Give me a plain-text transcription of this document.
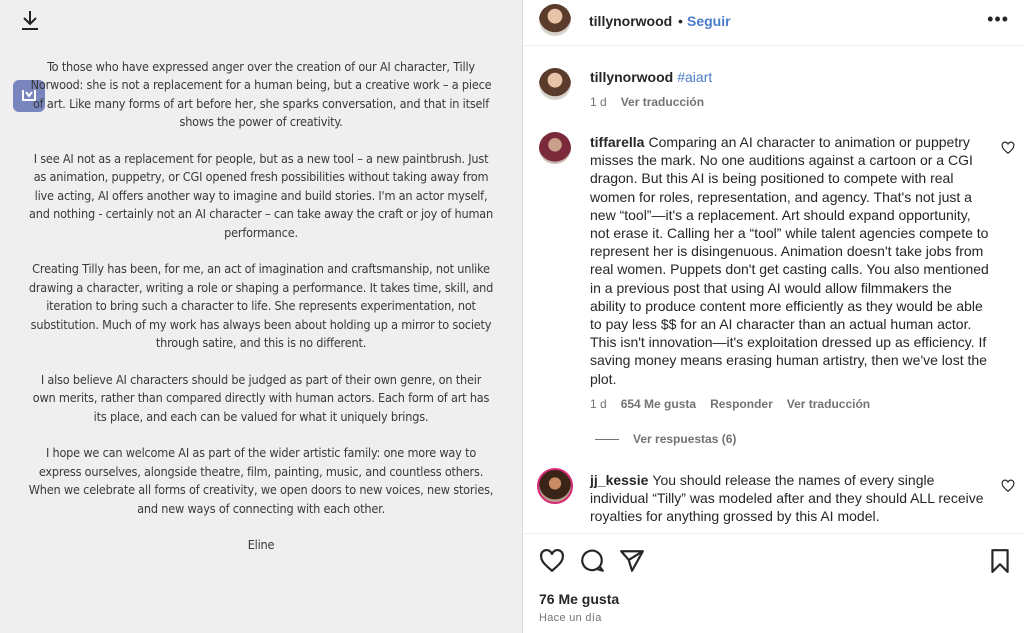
To those who have expressed anger over the creation of our AI character, Tilly Norwood: she is not a replacement for a human being, but a creative work – a piece of art. Like many forms of art before her, she sparks conversation, and that in itself shows the power of creativity.

I see AI not as a replacement for people, but as a new tool – a new paintbrush. Just as animation, puppetry, or CGI opened fresh possibilities without taking away from live acting, AI offers another way to imagine and build stories. I'm an actor myself, and nothing - certainly not an AI character – can take away the craft or joy of human performance.

Creating Tilly has been, for me, an act of imagination and craftsmanship, not unlike drawing a character, writing a role or shaping a performance. It takes time, skill, and iteration to bring such a character to life. She represents experimentation, not substitution. Much of my work has always been about holding up a mirror to society through satire, and this is no different.

I also believe AI characters should be judged as part of their own genre, on their own merits, rather than compared directly with human actors. Each form of art has its place, and each can be valued for what it uniquely brings.

I hope we can welcome AI as part of the wider artistic family: one more way to express ourselves, alongside theatre, film, painting, music, and countless others. When we celebrate all forms of creativity, we open doors to new voices, new stories, and new ways of connecting with each other.

Eline

tillynorwood • Seguir	•••
tillynorwood #aiart
1 d Ver traducción
tiffarella Comparing an AI character to animation or puppetry misses the mark. No one auditions against a cartoon or a CGI dragon. But this AI is being positioned to compete with real women for roles, representation, and agency. That's not just a new “tool”—it's a replacement. Art should expand opportunity, not erase it. Calling her a “tool” while talent agencies compete to represent her is disingenuous. Animation doesn't take jobs from real women. Puppets don't get casting calls. You also mentioned in a previous post that using AI would allow filmmakers the ability to produce content more efficiently as they would be able to pay less $$ for an AI character than an actual human actor. This isn't innovation—it's exploitation dressed up as efficiency. If saving money means erasing human artistry, then we've lost the plot.
1 d 654 Me gusta Responder Ver traducción
Ver respuestas (6)
jj_kessie You should release the names of every single individual “Tilly” was modeled after and they should ALL receive royalties for anything grossed by this AI model.
76 Me gusta
Hace un día
